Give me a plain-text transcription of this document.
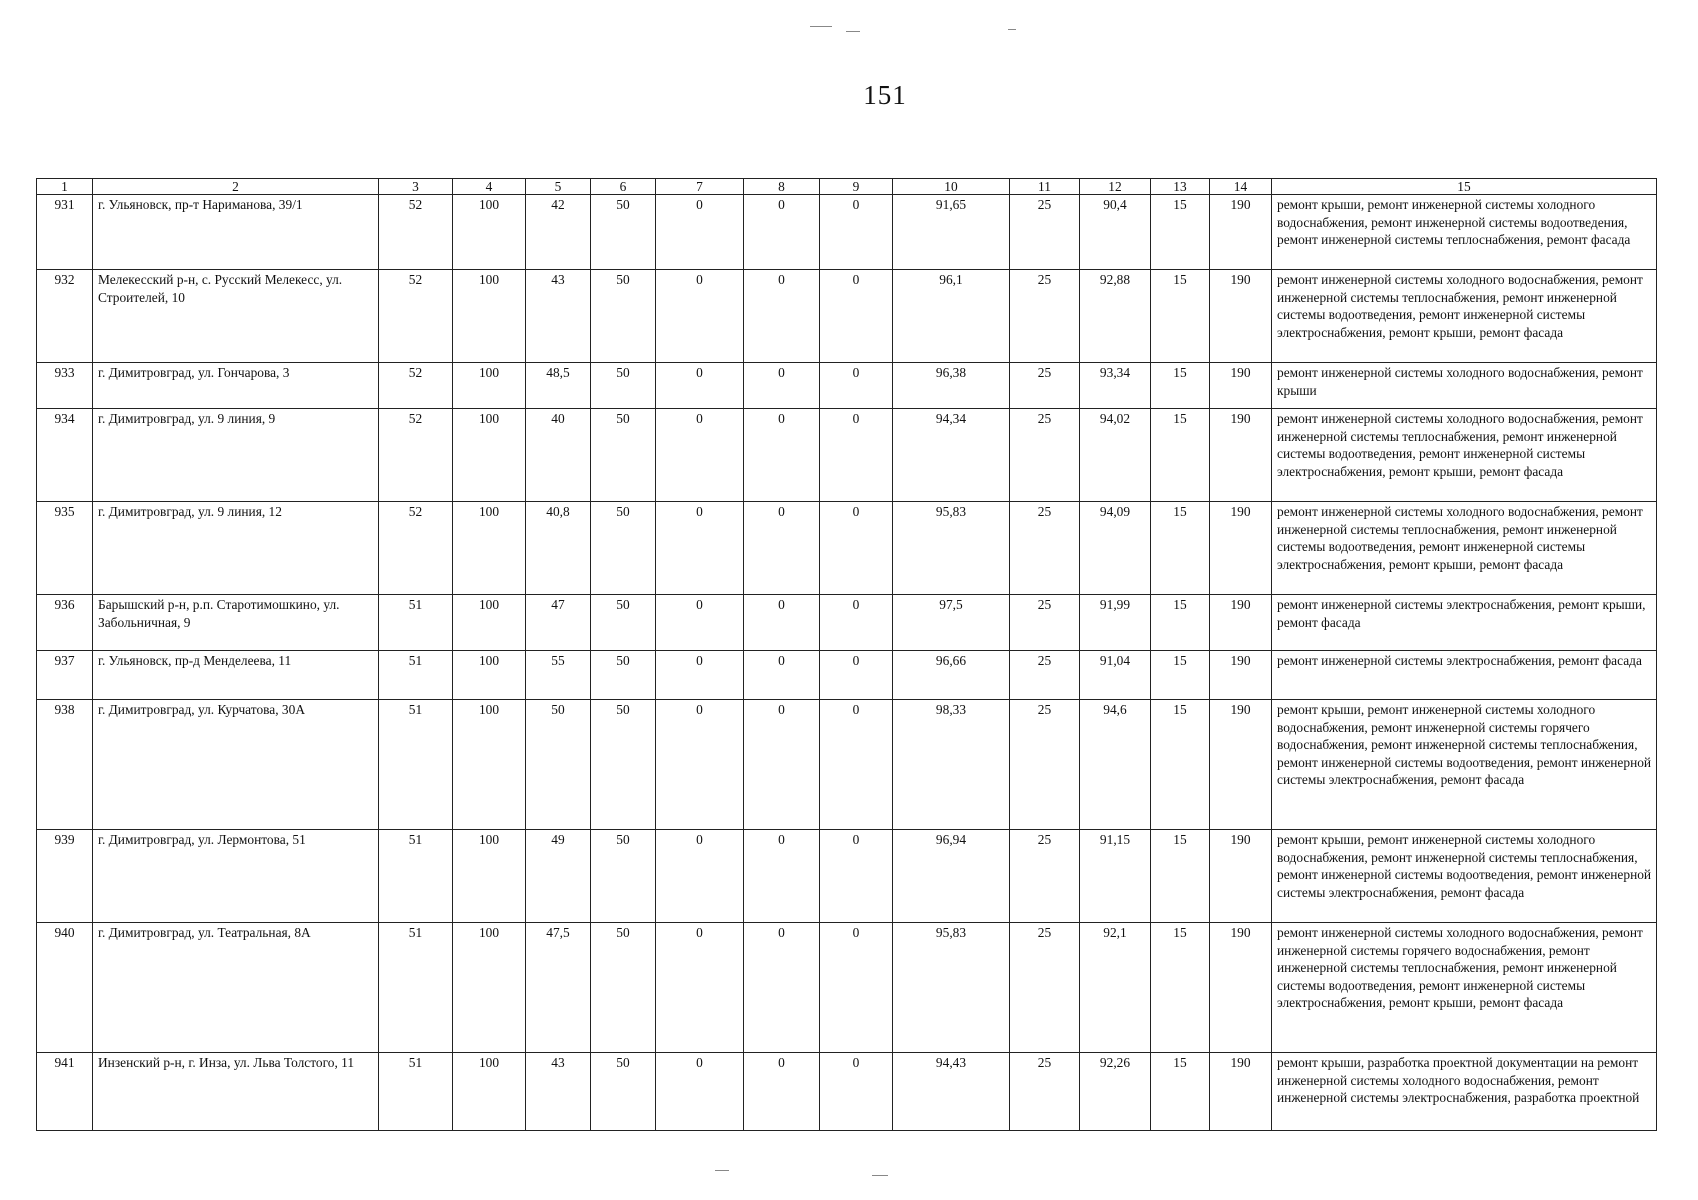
151
1	2	3	4	5	6	7	8	9	10	11	12	13	14	15
931	г. Ульяновск, пр-т Нариманова, 39/1	52	100	42	50	0	0	0	91,65	25	90,4	15	190	ремонт крыши, ремонт инженерной системы холодного водоснабжения, ремонт инженерной системы водоотведения, ремонт инженерной системы теплоснабжения, ремонт фасада
932	Мелекесский р-н, с. Русский Мелекесс, ул. Строителей, 10	52	100	43	50	0	0	0	96,1	25	92,88	15	190	ремонт инженерной системы холодного водоснабжения, ремонт инженерной системы теплоснабжения, ремонт инженерной системы водоотведения, ремонт инженерной системы электроснабжения, ремонт крыши, ремонт фасада
933	г. Димитровград, ул. Гончарова, 3	52	100	48,5	50	0	0	0	96,38	25	93,34	15	190	ремонт инженерной системы холодного водоснабжения, ремонт крыши
934	г. Димитровград, ул. 9 линия, 9	52	100	40	50	0	0	0	94,34	25	94,02	15	190	ремонт инженерной системы холодного водоснабжения, ремонт инженерной системы теплоснабжения, ремонт инженерной системы водоотведения, ремонт инженерной системы электроснабжения, ремонт крыши, ремонт фасада
935	г. Димитровград, ул. 9 линия, 12	52	100	40,8	50	0	0	0	95,83	25	94,09	15	190	ремонт инженерной системы холодного водоснабжения, ремонт инженерной системы теплоснабжения, ремонт инженерной системы водоотведения, ремонт инженерной системы электроснабжения, ремонт крыши, ремонт фасада
936	Барышский р-н, р.п. Старотимошкино, ул. Забольничная, 9	51	100	47	50	0	0	0	97,5	25	91,99	15	190	ремонт инженерной системы электроснабжения, ремонт крыши, ремонт фасада
937	г. Ульяновск, пр-д Менделеева, 11	51	100	55	50	0	0	0	96,66	25	91,04	15	190	ремонт инженерной системы электроснабжения, ремонт фасада
938	г. Димитровград, ул. Курчатова, 30А	51	100	50	50	0	0	0	98,33	25	94,6	15	190	ремонт крыши, ремонт инженерной системы холодного водоснабжения, ремонт инженерной системы горячего водоснабжения, ремонт инженерной системы теплоснабжения, ремонт инженерной системы водоотведения, ремонт инженерной системы электроснабжения, ремонт фасада
939	г. Димитровград, ул. Лермонтова, 51	51	100	49	50	0	0	0	96,94	25	91,15	15	190	ремонт крыши, ремонт инженерной системы холодного водоснабжения, ремонт инженерной системы теплоснабжения, ремонт инженерной системы водоотведения, ремонт инженерной системы электроснабжения, ремонт фасада
940	г. Димитровград, ул. Театральная, 8А	51	100	47,5	50	0	0	0	95,83	25	92,1	15	190	ремонт инженерной системы холодного водоснабжения, ремонт инженерной системы горячего водоснабжения, ремонт инженерной системы теплоснабжения, ремонт инженерной системы водоотведения, ремонт инженерной системы электроснабжения, ремонт крыши, ремонт фасада
941	Инзенский р-н, г. Инза, ул. Льва Толстого, 11	51	100	43	50	0	0	0	94,43	25	92,26	15	190	ремонт крыши, разработка проектной документации на ремонт инженерной системы холодного водоснабжения, ремонт инженерной системы электроснабжения, разработка проектной
